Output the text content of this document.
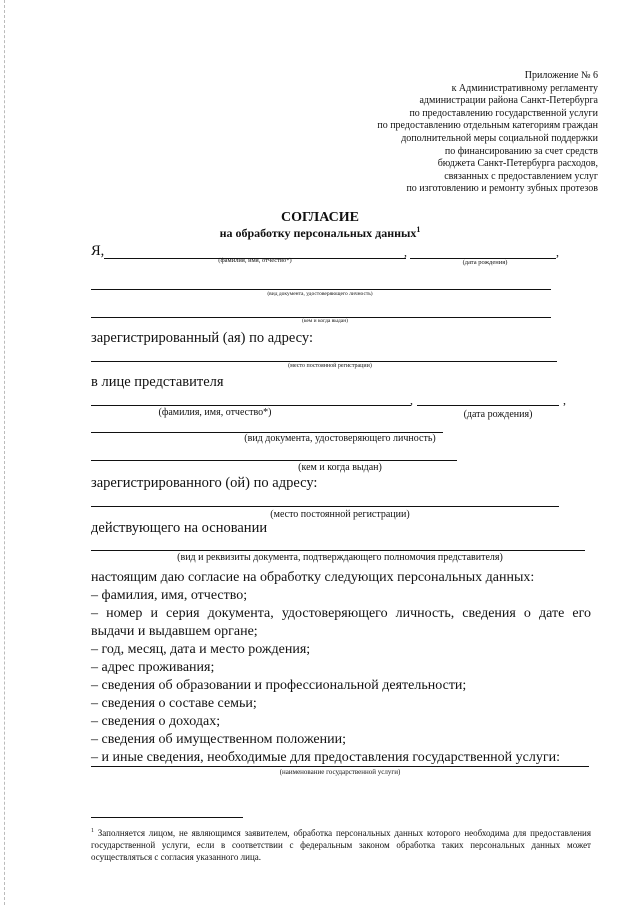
Приложение № 6
к Административному регламенту
администрации района Санкт-Петербурга
по предоставлению государственной услуги
по предоставлению отдельным категориям граждан
дополнительной меры социальной поддержки
по финансированию за счет средств
бюджета Санкт-Петербурга расходов,
связанных с предоставлением услуг
по изготовлению и ремонту зубных протезов
СОГЛАСИЕ
на обработку персональных данных$^1$
Я,	,	,
(фамилия, имя, отчество*)	(дата рождения)
(вид документа, удостоверяющего личность)
(кем и когда выдан)
зарегистрированный (ая) по адресу:
(место постоянной регистрации)
в лице представителя
,	,
(фамилия, имя, отчество*)	(дата рождения)
(вид документа, удостоверяющего личность)
(кем и когда выдан)
зарегистрированного (ой) по адресу:
(место постоянной регистрации)
действующего на основании
(вид и реквизиты документа, подтверждающего полномочия представителя)
настоящим даю согласие на обработку следующих персональных данных:
– фамилия, имя, отчество;
– номер и серия документа, удостоверяющего личность, сведения о дате его
выдачи и выдавшем органе;
– год, месяц, дата и место рождения;
– адрес проживания;
– сведения об образовании и профессиональной деятельности;
– сведения о составе семьи;
– сведения о доходах;
– сведения об имущественном положении;
– и иные сведения, необходимые для предоставления государственной услуги:
(наименование государственной услуги)
$^1$ Заполняется лицом, не являющимся заявителем, обработка персональных данных которого необходима для предоставления государственной услуги, если в соответствии с федеральным законом обработка таких персональных данных может осуществляться с согласия указанного лица.
